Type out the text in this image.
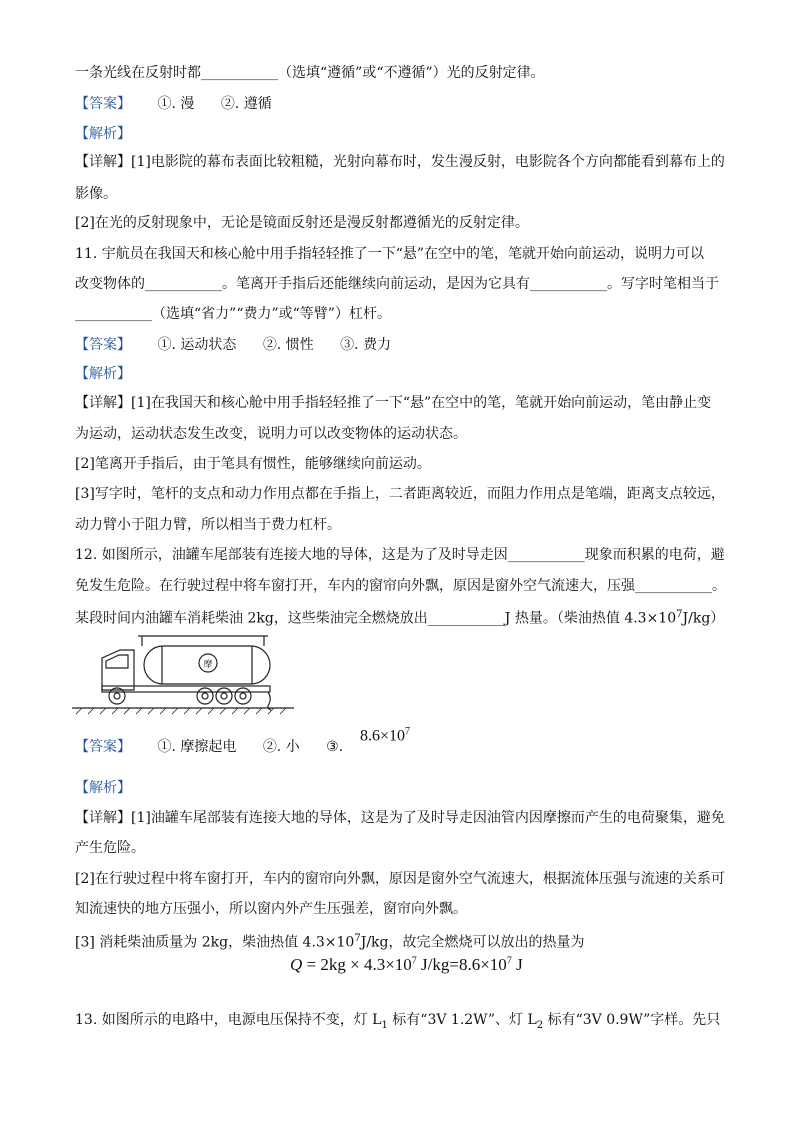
一条光线在反射时都___________（选填“遵循”或“不遵循”）光的反射定律。
【答案】 ①. 漫 ②. 遵循
【解析】
【详解】[1]电影院的幕布表面比较粗糙，光射向幕布时，发生漫反射，电影院各个方向都能看到幕布上的
影像。
[2]在光的反射现象中，无论是镜面反射还是漫反射都遵循光的反射定律。
11. 宇航员在我国天和核心舱中用手指轻轻推了一下“悬”在空中的笔，笔就开始向前运动，说明力可以
改变物体的___________。笔离开手指后还能继续向前运动，是因为它具有___________。写字时笔相当于
___________（选填“省力”“费力”或“等臂”）杠杆。
【答案】 ①. 运动状态 ②. 惯性 ③. 费力
【解析】
【详解】[1]在我国天和核心舱中用手指轻轻推了一下“悬”在空中的笔，笔就开始向前运动，笔由静止变
为运动，运动状态发生改变，说明力可以改变物体的运动状态。
[2]笔离开手指后，由于笔具有惯性，能够继续向前运动。
[3]写字时，笔杆的支点和动力作用点都在手指上，二者距离较近，而阻力作用点是笔端，距离支点较远，
动力臂小于阻力臂，所以相当于费力杠杆。
12. 如图所示，油罐车尾部装有连接大地的导体，这是为了及时导走因___________现象而积累的电荷，避
免发生危险。在行驶过程中将车窗打开，车内的窗帘向外飘，原因是窗外空气流速大，压强___________。
某段时间内油罐车消耗柴油 2kg，这些柴油完全燃烧放出___________J 热量。（柴油热值 $4.3\times 10^7J/kg$）
摩
【答案】 ①. 摩擦起电 ②. 小 ③.
$8.6\times 10^7$
【解析】
【详解】[1]油罐车尾部装有连接大地的导体，这是为了及时导走因油管内因摩擦而产生的电荷聚集，避免
产生危险。
[2]在行驶过程中将车窗打开，车内的窗帘向外飘，原因是窗外空气流速大，根据流体压强与流速的关系可
知流速快的地方压强小，所以窗内外产生压强差，窗帘向外飘。
[3] 消耗柴油质量为 2kg，柴油热值 $4.3\times 10^7J/kg$，故完全燃烧可以放出的热量为
$Q = 2kg \times 4.3\times 10^7$ $J/kg=8.6\times 10^7$ J
13. 如图所示的电路中，电源电压保持不变，灯 $L_1$ 标有“3V 1.2W”、灯 $L_2$ 标有“3V 0.9W”字样。先只
